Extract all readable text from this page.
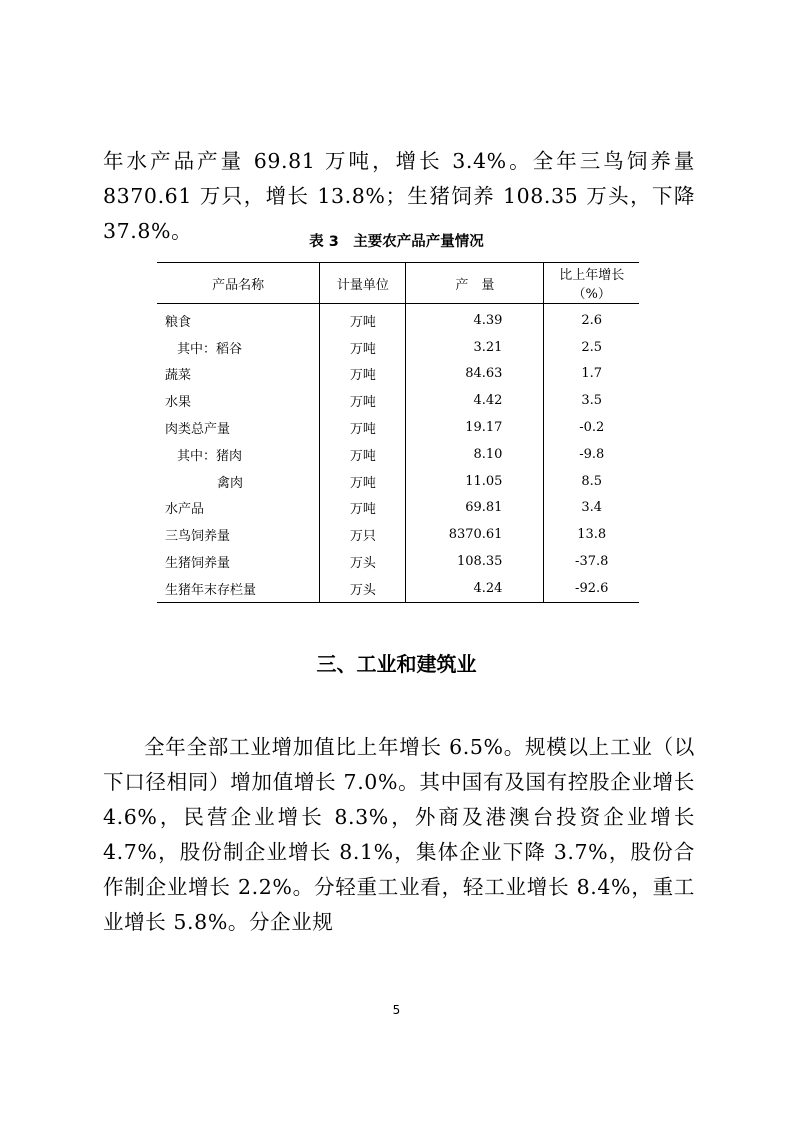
年水产品产量 69.81 万吨，增长 3.4%。全年三鸟饲养量 8370.61 万只，增长 13.8%；生猪饲养 108.35 万头，下降 37.8%。	表 3　主要农产品产量情况
产品名称	计量单位	产　量	比上年增长（%）
粮食	万吨	4.39	2.6
其中：稻谷	万吨	3.21	2.5
蔬菜	万吨	84.63	1.7
水果	万吨	4.42	3.5
肉类总产量	万吨	19.17	-0.2
其中：猪肉	万吨	8.10	-9.8
禽肉	万吨	11.05	8.5
水产品	万吨	69.81	3.4
三鸟饲养量	万只	8370.61	13.8
生猪饲养量	万头	108.35	-37.8
生猪年末存栏量	万头	4.24	-92.6
三、工业和建筑业

全年全部工业增加值比上年增长 6.5%。规模以上工业（以下口径相同）增加值增长 7.0%。其中国有及国有控股企业增长 4.6%，民营企业增长 8.3%，外商及港澳台投资企业增长 4.7%，股份制企业增长 8.1%，集体企业下降 3.7%，股份合作制企业增长 2.2%。分轻重工业看，轻工业增长 8.4%，重工业增长 5.8%。分企业规

5
